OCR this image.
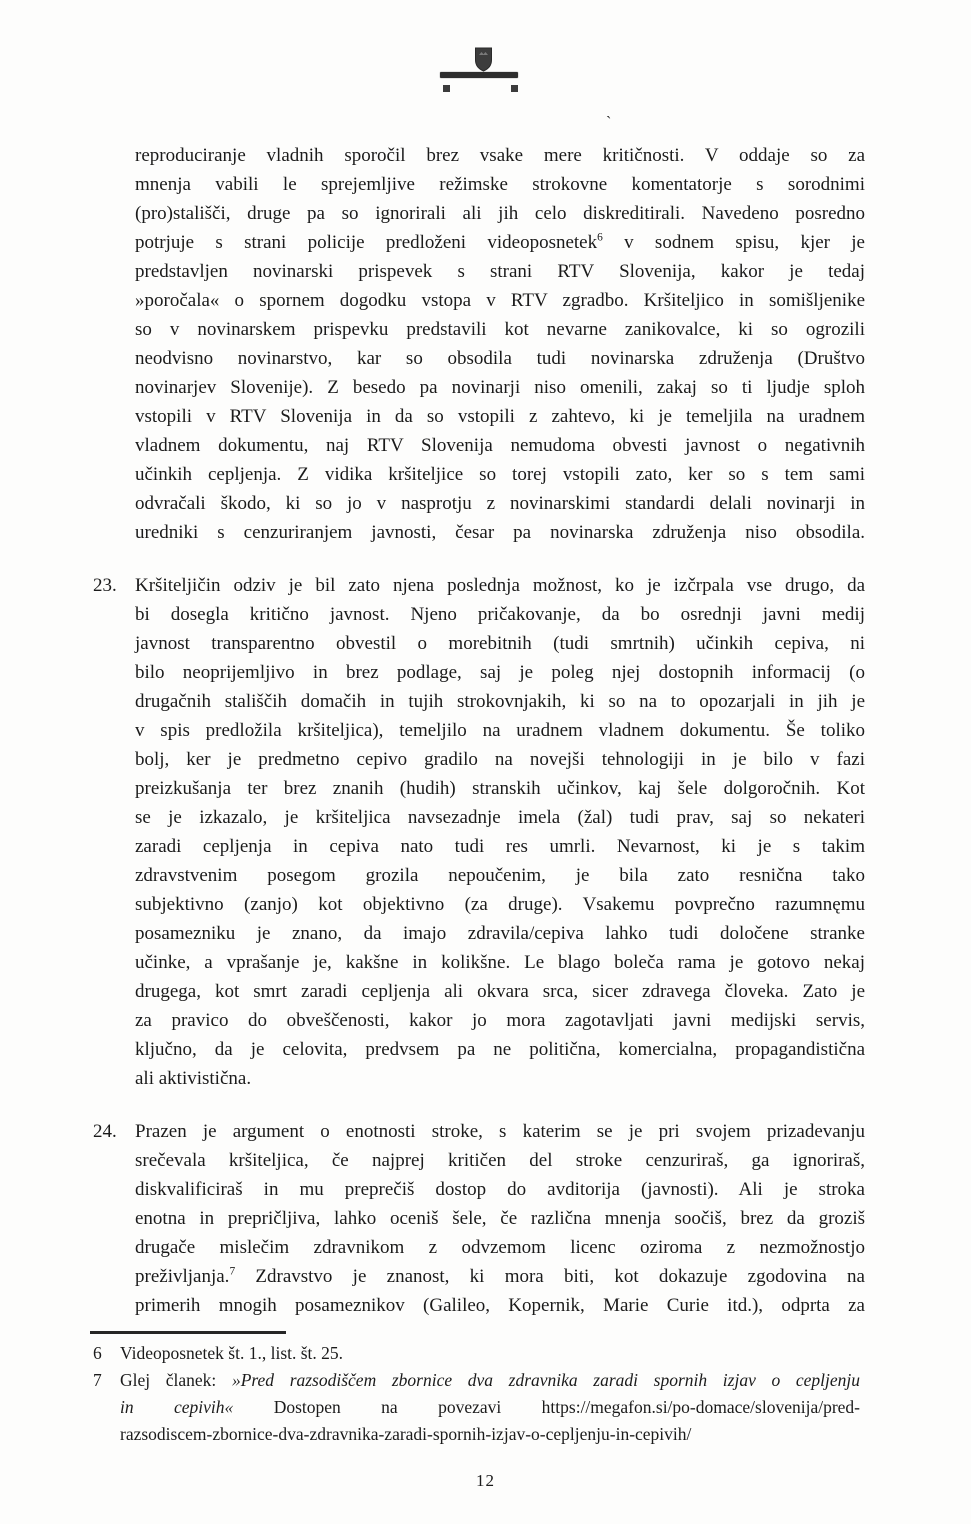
`
reproduciranje vladnih sporočil brez vsake mere kritičnosti. V oddaje so za
mnenja vabili le sprejemljive režimske strokovne komentatorje s sorodnimi
(pro)stališči, druge pa so ignorirali ali jih celo diskreditirali. Navedeno posredno
potrjuje s strani policije predloženi videoposnetek$^6$ v sodnem spisu, kjer je
predstavljen novinarski prispevek s strani RTV Slovenija, kakor je tedaj
»poročala« o spornem dogodku vstopa v RTV zgradbo. Kršiteljico in somišljenike
so v novinarskem prispevku predstavili kot nevarne zanikovalce, ki so ogrozili
neodvisno novinarstvo, kar so obsodila tudi novinarska združenja (Društvo
novinarjev Slovenije). Z besedo pa novinarji niso omenili, zakaj so ti ljudje sploh
vstopili v RTV Slovenija in da so vstopili z zahtevo, ki je temeljila na uradnem
vladnem dokumentu, naj RTV Slovenija nemudoma obvesti javnost o negativnih
učinkih cepljenja. Z vidika kršiteljice so torej vstopili zato, ker so s tem sami
odvračali škodo, ki so jo v nasprotju z novinarskimi standardi delali novinarji in
uredniki s cenzuriranjem javnosti, česar pa novinarska združenja niso obsodila.
23. Kršiteljičin odziv je bil zato njena poslednja možnost, ko je izčrpala vse drugo, da
bi dosegla kritično javnost. Njeno pričakovanje, da bo osrednji javni medij
javnost transparentno obvestil o morebitnih (tudi smrtnih) učinkih cepiva, ni
bilo neoprijemljivo in brez podlage, saj je poleg njej dostopnih informacij (o
drugačnih stališčih domačih in tujih strokovnjakih, ki so na to opozarjali in jih je
v spis predložila kršiteljica), temeljilo na uradnem vladnem dokumentu. Še toliko
bolj, ker je predmetno cepivo gradilo na novejši tehnologiji in je bilo v fazi
preizkušanja ter brez znanih (hudih) stranskih učinkov, kaj šele dolgoročnih. Kot
se je izkazalo, je kršiteljica navsezadnje imela (žal) tudi prav, saj so nekateri
zaradi cepljenja in cepiva nato tudi res umrli. Nevarnost, ki je s takim
zdravstvenim posegom grozila nepoučenim, je bila zato resnična tako
subjektivno (zanjo) kot objektivno (za druge). Vsakemu povprečno razumnęmu
posamezniku je znano, da imajo zdravila/cepiva lahko tudi določene stranke
učinke, a vprašanje je, kakšne in kolikšne. Le blago boleča rama je gotovo nekaj
drugega, kot smrt zaradi cepljenja ali okvara srca, sicer zdravega človeka. Zato je
za pravico do obveščenosti, kakor jo mora zagotavljati javni medijski servis,
ključno, da je celovita, predvsem pa ne politična, komercialna, propagandistična
ali aktivistična.
24. Prazen je argument o enotnosti stroke, s katerim se je pri svojem prizadevanju
srečevala kršiteljica, če najprej kritičen del stroke cenzuriraš, ga ignoriraš,
diskvalificiraš in mu preprečiš dostop do avditorija (javnosti). Ali je stroka
enotna in prepričljiva, lahko oceniš šele, če različna mnenja soočiš, brez da groziš
drugače mislečim zdravnikom z odvzemom licenc oziroma z nezmožnostjo
preživljanja.$^7$ Zdravstvo je znanost, ki mora biti, kot dokazuje zgodovina na
primerih mnogih posameznikov (Galileo, Kopernik, Marie Curie itd.), odprta za
6 Videoposnetek št. 1., list. št. 25.
7 Glej članek: »Pred razsodiščem zbornice dva zdravnika zaradi spornih izjav o cepljenju
in cepivih« Dostopen na povezavi https://megafon.si/po-domace/slovenija/pred-
razsodiscem-zbornice-dva-zdravnika-zaradi-spornih-izjav-o-cepljenju-in-cepivih/
12
